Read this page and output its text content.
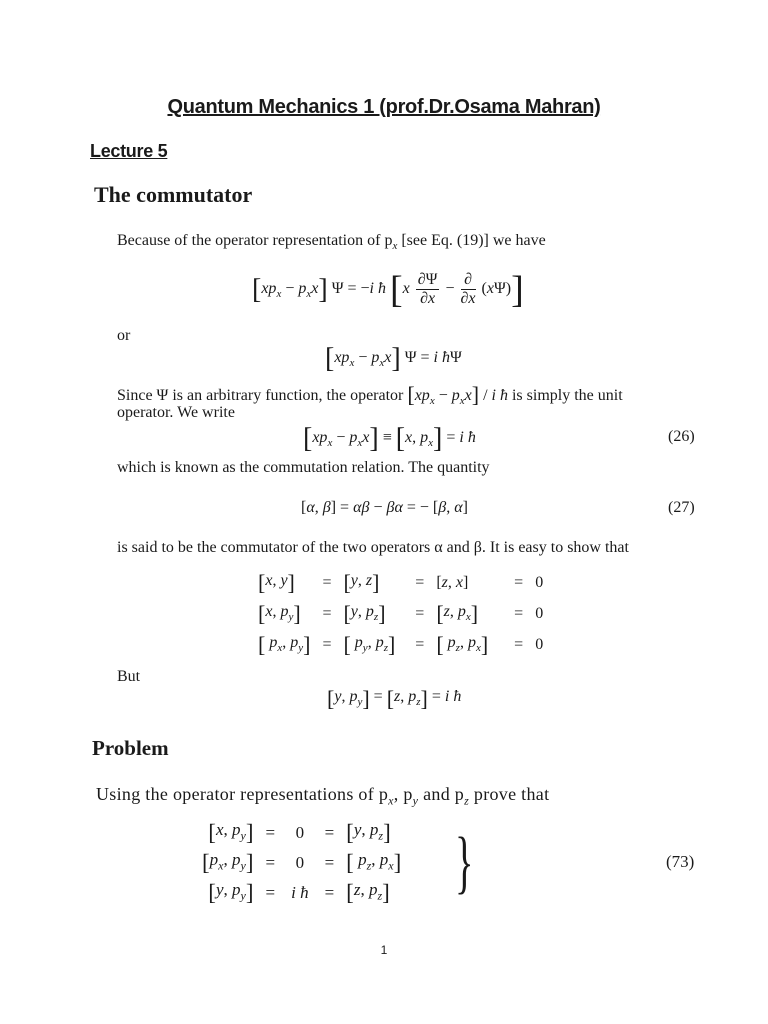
Quantum Mechanics 1 (prof.Dr.Osama Mahran)
Lecture 5
The commutator
Because of the operator representation of $p_x$ [see Eq. (19)] we have
$[xp_x - p_xx] \Psi = -i$ ħ $[x \frac{\partial\Psi}{\partial x} - \frac{\partial}{\partial x} (x\Psi)]$
or
$[xp_x - p_xx] \Psi = i$ ħΨ
Since Ψ is an arbitrary function, the operator $[xp_x - p_xx] / i$ ħ is simply the unit
operator. We write
$[xp_x - p_xx] \equiv [x$, $p_x] = i$ ħ	(26)
which is known as the commutation relation. The quantity
[α, β] = αβ − βα = − [β, α]	(27)
is said to be the commutator of the two operators α and β. It is easy to show that
[x, y]	=	[y, z]	=	[z, x]	=	0
[x, $p_y$]	=	[y, $p_z$]	=	[z, $p_x$]	=	0
[ $p_x$, $p_y$]	=	[ $p_y$, $p_z$]	=	[ $p_z$, $p_x$]	=	0
But
[y, $p_y] = [z$, $p_z] = i$ ħ
Problem
Using the operator representations of $p_x$, $p_y$ and $p_z$ prove that
[x, $p_y$]	=	0	=	[y, $p_z$]
[$p_x$, $p_y$]	=	0	=	[ $p_z$, $p_x$]
[y, $p_y$]	=	i ħ	=	[z, $p_z$] }	(73)
1
